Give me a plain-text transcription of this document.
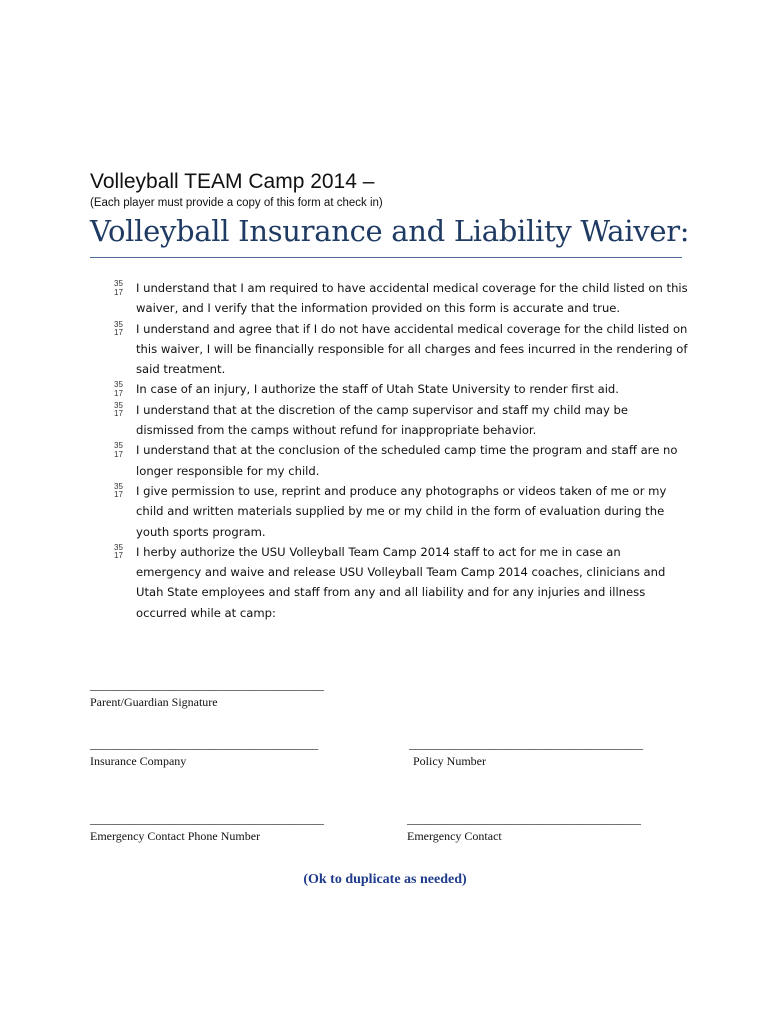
Volleyball TEAM Camp 2014 –
(Each player must provide a copy of this form at check in)
Volleyball Insurance and Liability Waiver:
35
17 I understand that I am required to have accidental medical coverage for the child listed on this waiver, and I verify that the information provided on this form is accurate and true.
35
17 I understand and agree that if I do not have accidental medical coverage for the child listed on this waiver, I will be financially responsible for all charges and fees incurred in the rendering of said treatment.
35
17 In case of an injury, I authorize the staff of Utah State University to render first aid.
35
17 I understand that at the discretion of the camp supervisor and staff my child may be dismissed from the camps without refund for inappropriate behavior.
35
17 I understand that at the conclusion of the scheduled camp time the program and staff are no longer responsible for my child.
35
17 I give permission to use, reprint and produce any photographs or videos taken of me or my child and written materials supplied by me or my child in the form of evaluation during the youth sports program.
35
17 I herby authorize the USU Volleyball Team Camp 2014 staff to act for me in case an emergency and waive and release USU Volleyball Team Camp 2014 coaches, clinicians and Utah State employees and staff from any and all liability and for any injuries and illness occurred while at camp:
_________________________________________
Parent/Guardian Signature
________________________________________
Insurance Company
_________________________________________
Policy Number
_________________________________________
Emergency Contact Phone Number
_________________________________________
Emergency Contact
(Ok to duplicate as needed)
